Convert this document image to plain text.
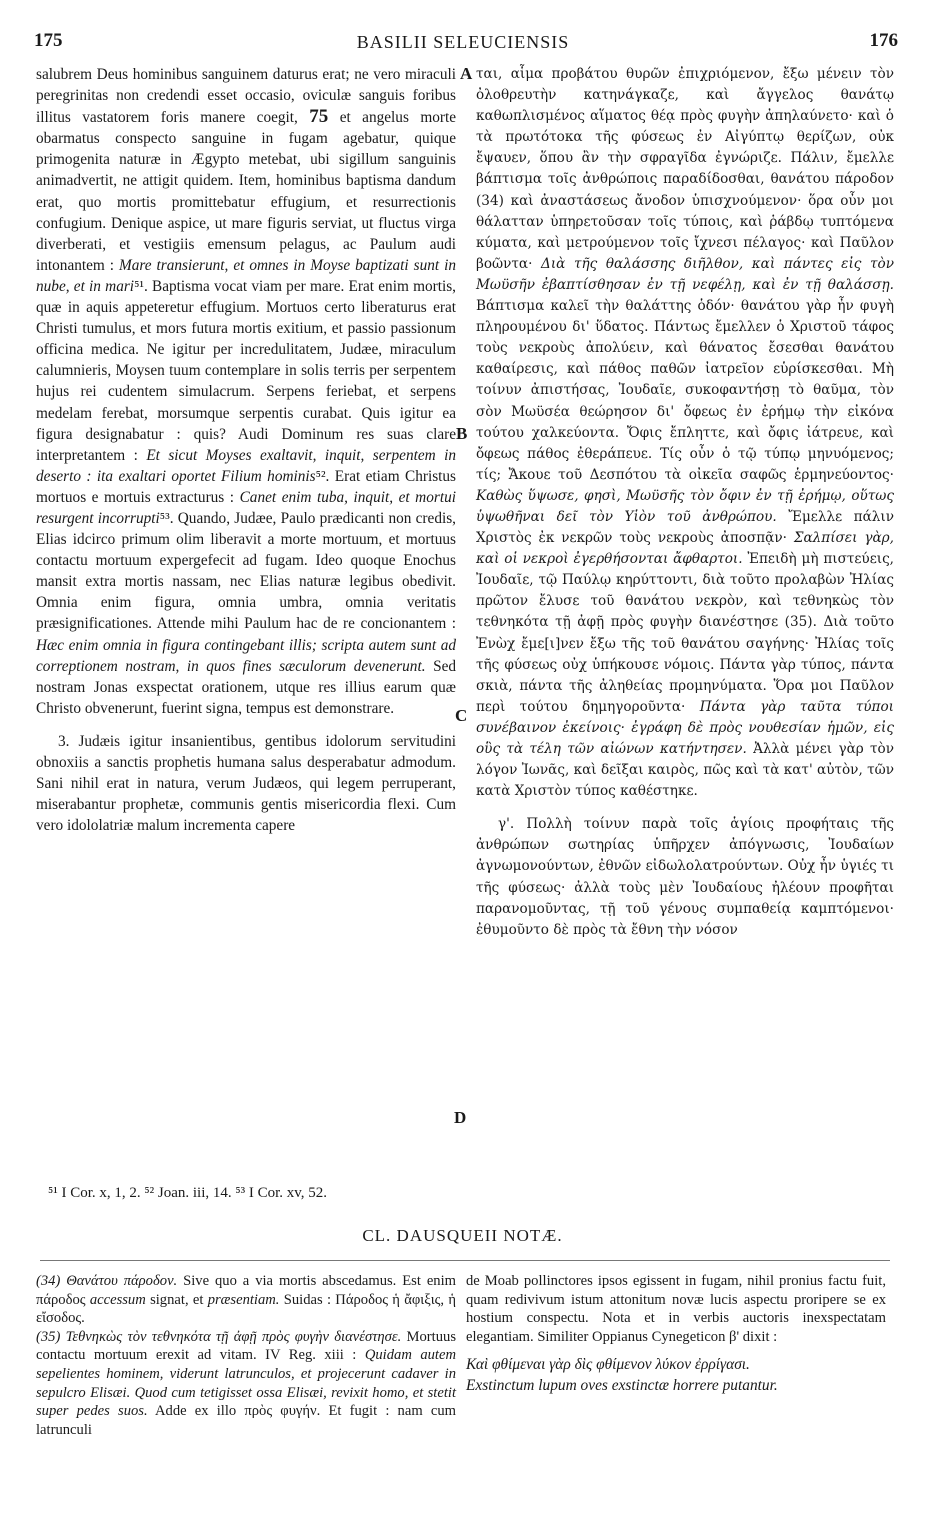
175	BASILII SELEUCIENSIS	176
A
B
C
D

salubrem Deus hominibus sanguinem daturus erat; ne vero miraculi peregrinitas non credendi esset occasio, oviculæ sanguis foribus illitus vastatorem foris manere coegit, 75 et angelus morte obarmatus conspecto sanguine in fugam agebatur, quique primogenita naturæ in Ægypto metebat, ubi sigillum sanguinis animadvertit, ne attigit quidem. Item, hominibus baptisma dandum erat, quo mortis promittebatur effugium, et resurrectionis confugium. Denique aspice, ut mare figuris serviat, ut fluctus virga diverberati, et vestigiis emensum pelagus, ac Paulum audi intonantem : Mare transierunt, et omnes in Moyse baptizati sunt in nube, et in mari⁵¹. Baptisma vocat viam per mare. Erat enim mortis, quæ in aquis appeteretur effugium. Mortuos certo liberaturus erat Christi tumulus, et mors futura mortis exitium, et passio passionum officina medica. Ne igitur per incredulitatem, Judæe, miraculum calumnieris, Moysen tuum contemplare in solis terris per serpentem hujus rei cudentem simulacrum. Serpens feriebat, et serpens medelam ferebat, morsumque serpentis curabat. Quis igitur ea figura designabatur : quis? Audi Dominum res suas clare interpretantem : Et sicut Moyses exaltavit, inquit, serpentem in deserto : ita exaltari oportet Filium hominis⁵². Erat etiam Christus mortuos e mortuis extracturus : Canet enim tuba, inquit, et mortui resurgent incorrupti⁵³. Quando, Judæe, Paulo prædicanti non credis, Elias idcirco primum olim liberavit a morte mortuum, et mortuus contactu mortuum expergefecit ad fugam. Ideo quoque Enochus mansit extra mortis nassam, nec Elias naturæ legibus obedivit. Omnia enim figura, omnia umbra, omnia veritatis præsignificationes. Attende mihi Paulum hac de re concionantem : Hæc enim omnia in figura contingebant illis; scripta autem sunt ad correptionem nostram, in quos fines sæculorum devenerunt. Sed nostram Jonas exspectat orationem, utque res illius earum quæ Christo obvenerunt, fuerint signa, tempus est demonstrare.

3. Judæis igitur insanientibus, gentibus idolorum servitudini obnoxiis a sanctis prophetis humana salus desperabatur admodum. Sani nihil erat in natura, verum Judæos, qui legem perruperant, miserabantur prophetæ, communis gentis misericordia flexi. Cum vero idololatriæ malum incrementa capere

ται, αἷμα προβάτου θυρῶν ἐπιχριόμενον, ἔξω μένειν τὸν ὀλοθρευτὴν κατηνάγκαζε, καὶ ἄγγελος θανάτῳ καθωπλισμένος αἵματος θέᾳ πρὸς φυγὴν ἀπηλαύνετο· καὶ ὁ τὰ πρωτότοκα τῆς φύσεως ἐν Αἰγύπτῳ θερίζων, οὐκ ἔψαυεν, ὅπου ἂν τὴν σφραγῖδα ἐγνώριζε. Πάλιν, ἔμελλε βάπτισμα τοῖς ἀνθρώποις παραδίδοσθαι, θανάτου πάροδον (34) καὶ ἀναστάσεως ἄνοδον ὑπισχνούμενον· ὅρα οὖν μοι θάλατταν ὑπηρετοῦσαν τοῖς τύποις, καὶ ῥάβδῳ τυπτόμενα κύματα, καὶ μετρούμενον τοῖς ἴχνεσι πέλαγος· καὶ Παῦλον βοῶντα· Διὰ τῆς θαλάσσης διῆλθον, καὶ πάντες εἰς τὸν Μωϋσῆν ἐβαπτίσθησαν ἐν τῇ νεφέλῃ, καὶ ἐν τῇ θαλάσσῃ. Βάπτισμα καλεῖ τὴν θαλάττης ὁδόν· θανάτου γὰρ ἦν φυγὴ πληρουμένου δι' ὕδατος. Πάντως ἔμελλεν ὁ Χριστοῦ τάφος τοὺς νεκροὺς ἀπολύειν, καὶ θάνατος ἔσεσθαι θανάτου καθαίρεσις, καὶ πάθος παθῶν ἰατρεῖον εὑρίσκεσθαι. Μὴ τοίνυν ἀπιστήσας, Ἰουδαῖε, συκοφαντήσῃ τὸ θαῦμα, τὸν σὸν Μωϋσέα θεώρησον δι' ὄφεως ἐν ἐρήμῳ τὴν εἰκόνα τούτου χαλκεύοντα. Ὄφις ἔπληττε, καὶ ὄφις ἰάτρευε, καὶ ὄφεως πάθος ἐθεράπευε. Τίς οὖν ὁ τῷ τύπῳ μηνυόμενος; τίς; Ἄκουε τοῦ Δεσπότου τὰ οἰκεῖα σαφῶς ἑρμηνεύοντος· Καθὼς ὕψωσε, φησὶ, Μωϋσῆς τὸν ὄφιν ἐν τῇ ἐρήμῳ, οὕτως ὑψωθῆναι δεῖ τὸν Υἱὸν τοῦ ἀνθρώπου. Ἔμελλε πάλιν Χριστὸς ἐκ νεκρῶν τοὺς νεκροὺς ἀποσπᾷν· Σαλπίσει γὰρ, καὶ οἱ νεκροὶ ἐγερθήσονται ἄφθαρτοι. Ἐπειδὴ μὴ πιστεύεις, Ἰουδαῖε, τῷ Παύλῳ κηρύττοντι, διὰ τοῦτο προλαβὼν Ἠλίας πρῶτον ἔλυσε τοῦ θανάτου νεκρὸν, καὶ τεθνηκὼς τὸν τεθνηκότα τῇ ἀφῇ πρὸς φυγὴν διανέστησε (35). Διὰ τοῦτο Ἐνὼχ ἔμε[ι]νεν ἔξω τῆς τοῦ θανάτου σαγήνης· Ἠλίας τοῖς τῆς φύσεως οὐχ ὑπήκουσε νόμοις. Πάντα γὰρ τύπος, πάντα σκιὰ, πάντα τῆς ἀληθείας προμηνύματα. Ὅρα μοι Παῦλον περὶ τούτου δημηγοροῦντα· Πάντα γὰρ ταῦτα τύποι συνέβαινον ἐκείνοις· ἐγράφη δὲ πρὸς νουθεσίαν ἡμῶν, εἰς οὓς τὰ τέλη τῶν αἰώνων κατήντησεν. Ἀλλὰ μένει γὰρ τὸν λόγον Ἰωνᾶς, καὶ δεῖξαι καιρὸς, πῶς καὶ τὰ κατ' αὐτὸν, τῶν κατὰ Χριστὸν τύπος καθέστηκε.

γ'. Πολλὴ τοίνυν παρὰ τοῖς ἁγίοις προφήταις τῆς ἀνθρώπων σωτηρίας ὑπῆρχεν ἀπόγνωσις, Ἰουδαίων ἀγνωμονούντων, ἐθνῶν εἰδωλολατρούντων. Οὐχ ἦν ὑγιές τι τῆς φύσεως· ἀλλὰ τοὺς μὲν Ἰουδαίους ἠλέουν προφῆται παρανομοῦντας, τῇ τοῦ γένους συμπαθείᾳ καμπτόμενοι· ἐθυμοῦντο δὲ πρὸς τὰ ἔθνη τὴν νόσον

⁵¹ I Cor. x, 1, 2. ⁵² Joan. iii, 14. ⁵³ I Cor. xv, 52.
CL. DAUSQUEII NOTÆ.

(34) Θανάτου πάροδον. Sive quo a via mortis abscedamus. Est enim πάροδος accessum signat, et præsentiam. Suidas : Πάροδος ἡ ἄφιξις, ἡ εἴσοδος.

(35) Τεθνηκὼς τὸν τεθνηκότα τῇ ἀφῇ πρὸς φυγὴν διανέστησε. Mortuus contactu mortuum erexit ad vitam. IV Reg. xiii : Quidam autem sepelientes hominem, viderunt latrunculos, et projecerunt cadaver in sepulcro Elisæi. Quod cum tetigisset ossa Elisæi, revixit homo, et stetit super pedes suos. Adde ex illo πρὸς φυγήν. Et fugit : nam cum latrunculi

de Moab pollinctores ipsos egissent in fugam, nihil pronius factu fuit, quam redivivum istum attonitum novæ lucis aspectu proripere se ex hostium conspectu. Nota et in verbis auctoris inexspectatam elegantiam. Similiter Oppianus Cynegeticon β' dixit :

Καὶ φθίμεναι γὰρ δὶς φθίμενον λύκον ἐρρίγασι.

Exstinctum lupum oves exstinctæ horrere putantur.
